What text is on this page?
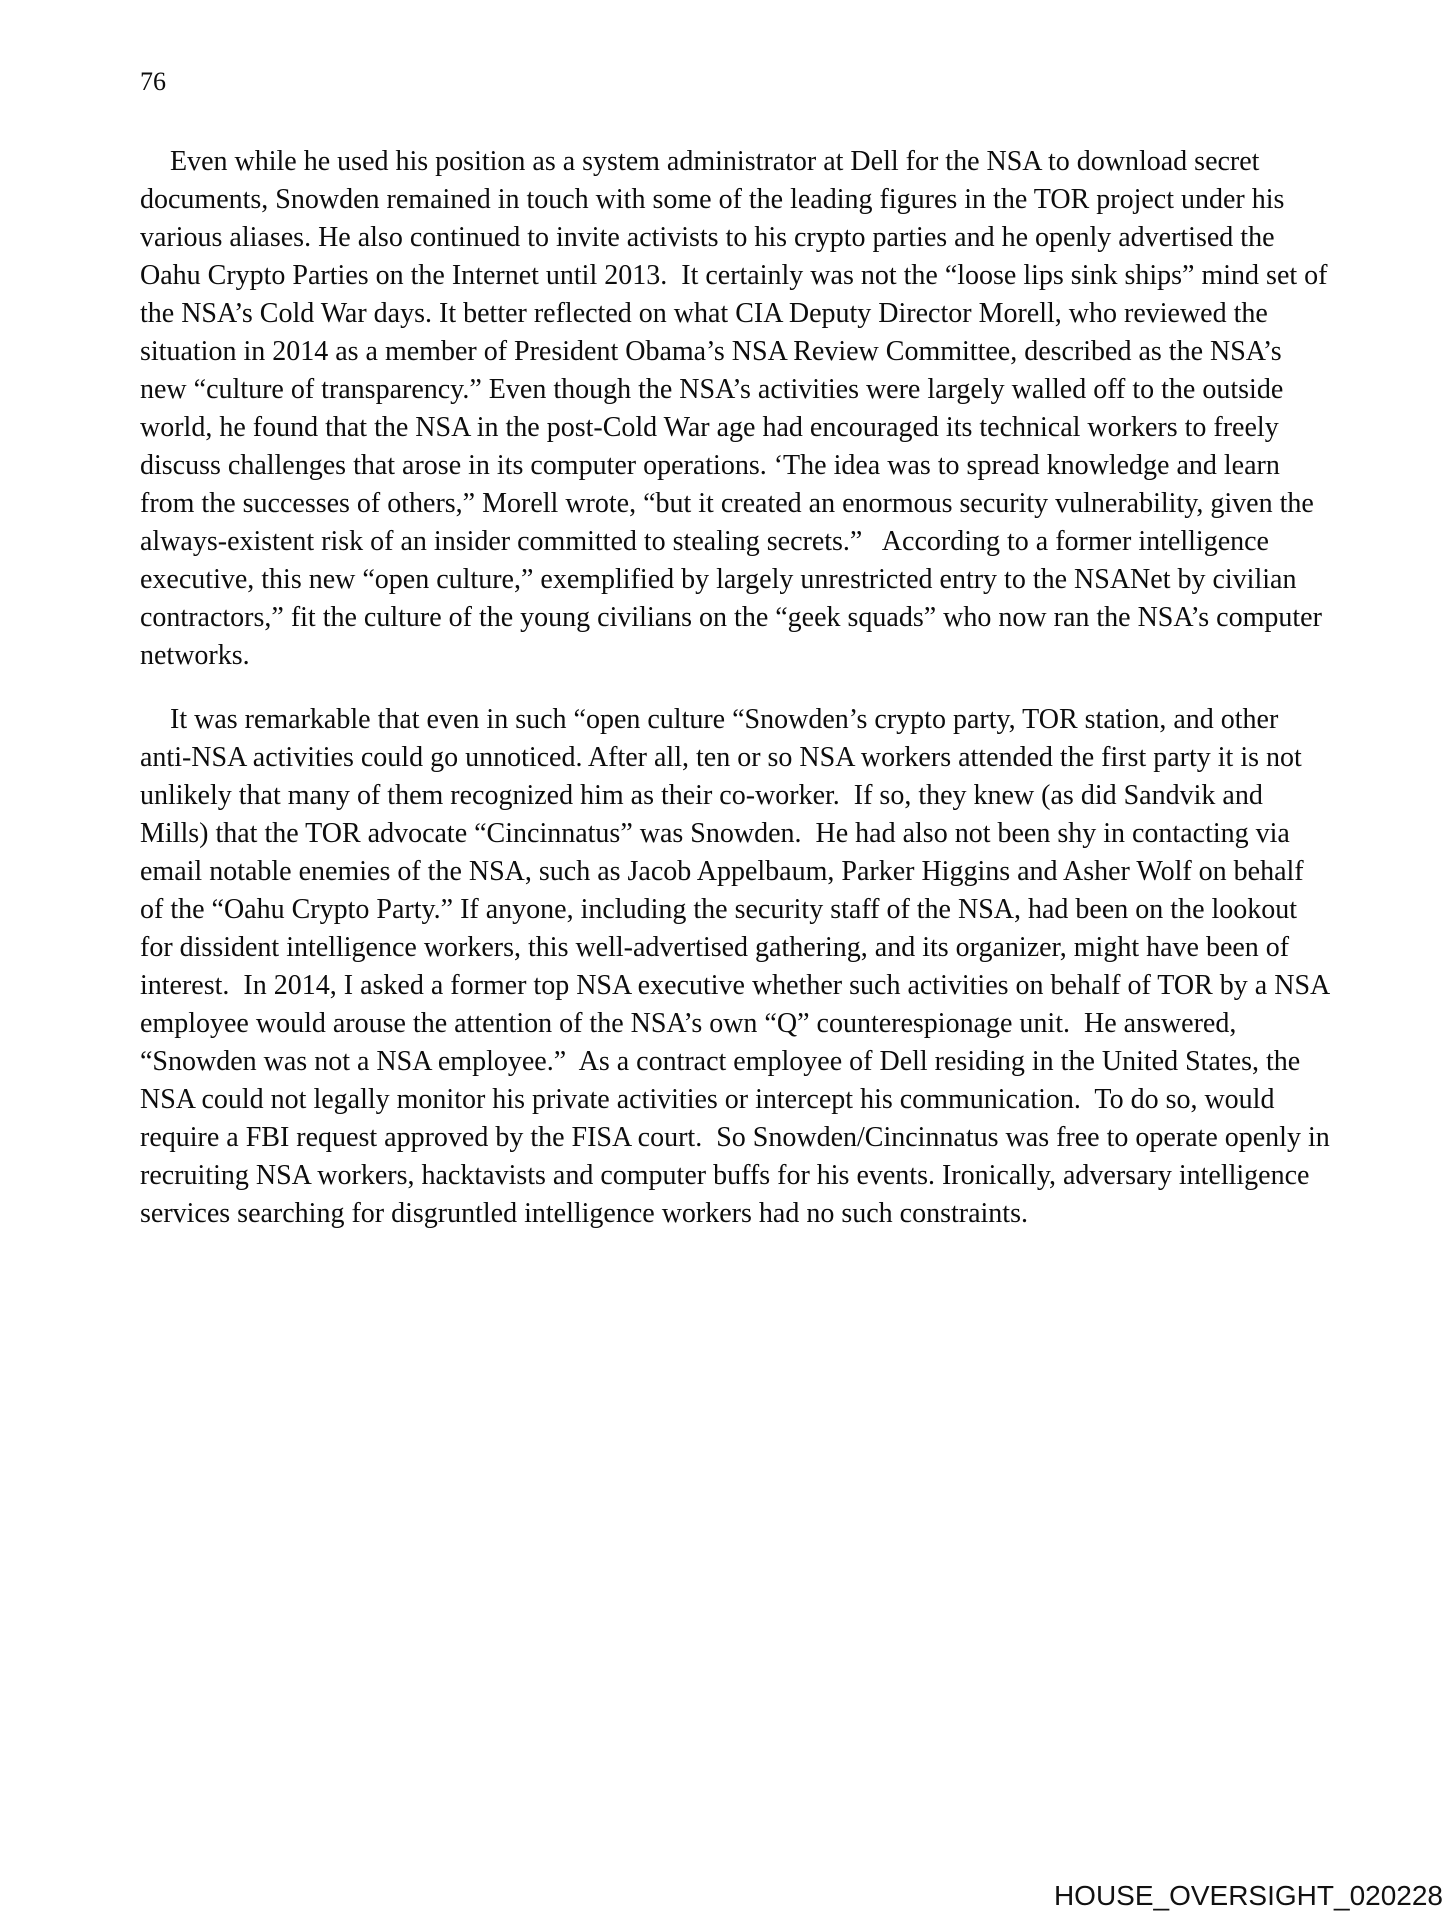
76

Even while he used his position as a system administrator at Dell for the NSA to download secret documents, Snowden remained in touch with some of the leading figures in the TOR project under his various aliases. He also continued to invite activists to his crypto parties and he openly advertised the Oahu Crypto Parties on the Internet until 2013.  It certainly was not the “loose lips sink ships” mind set of the NSA’s Cold War days. It better reflected on what CIA Deputy Director Morell, who reviewed the situation in 2014 as a member of President Obama’s NSA Review Committee, described as the NSA’s new “culture of transparency.” Even though the NSA’s activities were largely walled off to the outside world, he found that the NSA in the post-Cold War age had encouraged its technical workers to freely discuss challenges that arose in its computer operations. ‘The idea was to spread knowledge and learn from the successes of others,” Morell wrote, “but it created an enormous security vulnerability, given the always-existent risk of an insider committed to stealing secrets.”   According to a former intelligence executive, this new “open culture,” exemplified by largely unrestricted entry to the NSANet by civilian contractors,” fit the culture of the young civilians on the “geek squads” who now ran the NSA’s computer networks.

It was remarkable that even in such “open culture “Snowden’s crypto party, TOR station, and other anti-NSA activities could go unnoticed. After all, ten or so NSA workers attended the first party it is not unlikely that many of them recognized him as their co-worker.  If so, they knew (as did Sandvik and Mills) that the TOR advocate “Cincinnatus” was Snowden.  He had also not been shy in contacting via email notable enemies of the NSA, such as Jacob Appelbaum, Parker Higgins and Asher Wolf on behalf of the “Oahu Crypto Party.” If anyone, including the security staff of the NSA, had been on the lookout for dissident intelligence workers, this well-advertised gathering, and its organizer, might have been of interest.  In 2014, I asked a former top NSA executive whether such activities on behalf of TOR by a NSA employee would arouse the attention of the NSA’s own “Q” counterespionage unit.  He answered, “Snowden was not a NSA employee.”  As a contract employee of Dell residing in the United States, the NSA could not legally monitor his private activities or intercept his communication.  To do so, would require a FBI request approved by the FISA court.  So Snowden/Cincinnatus was free to operate openly in recruiting NSA workers, hacktavists and computer buffs for his events. Ironically, adversary intelligence services searching for disgruntled intelligence workers had no such constraints.

HOUSE_OVERSIGHT_020228
